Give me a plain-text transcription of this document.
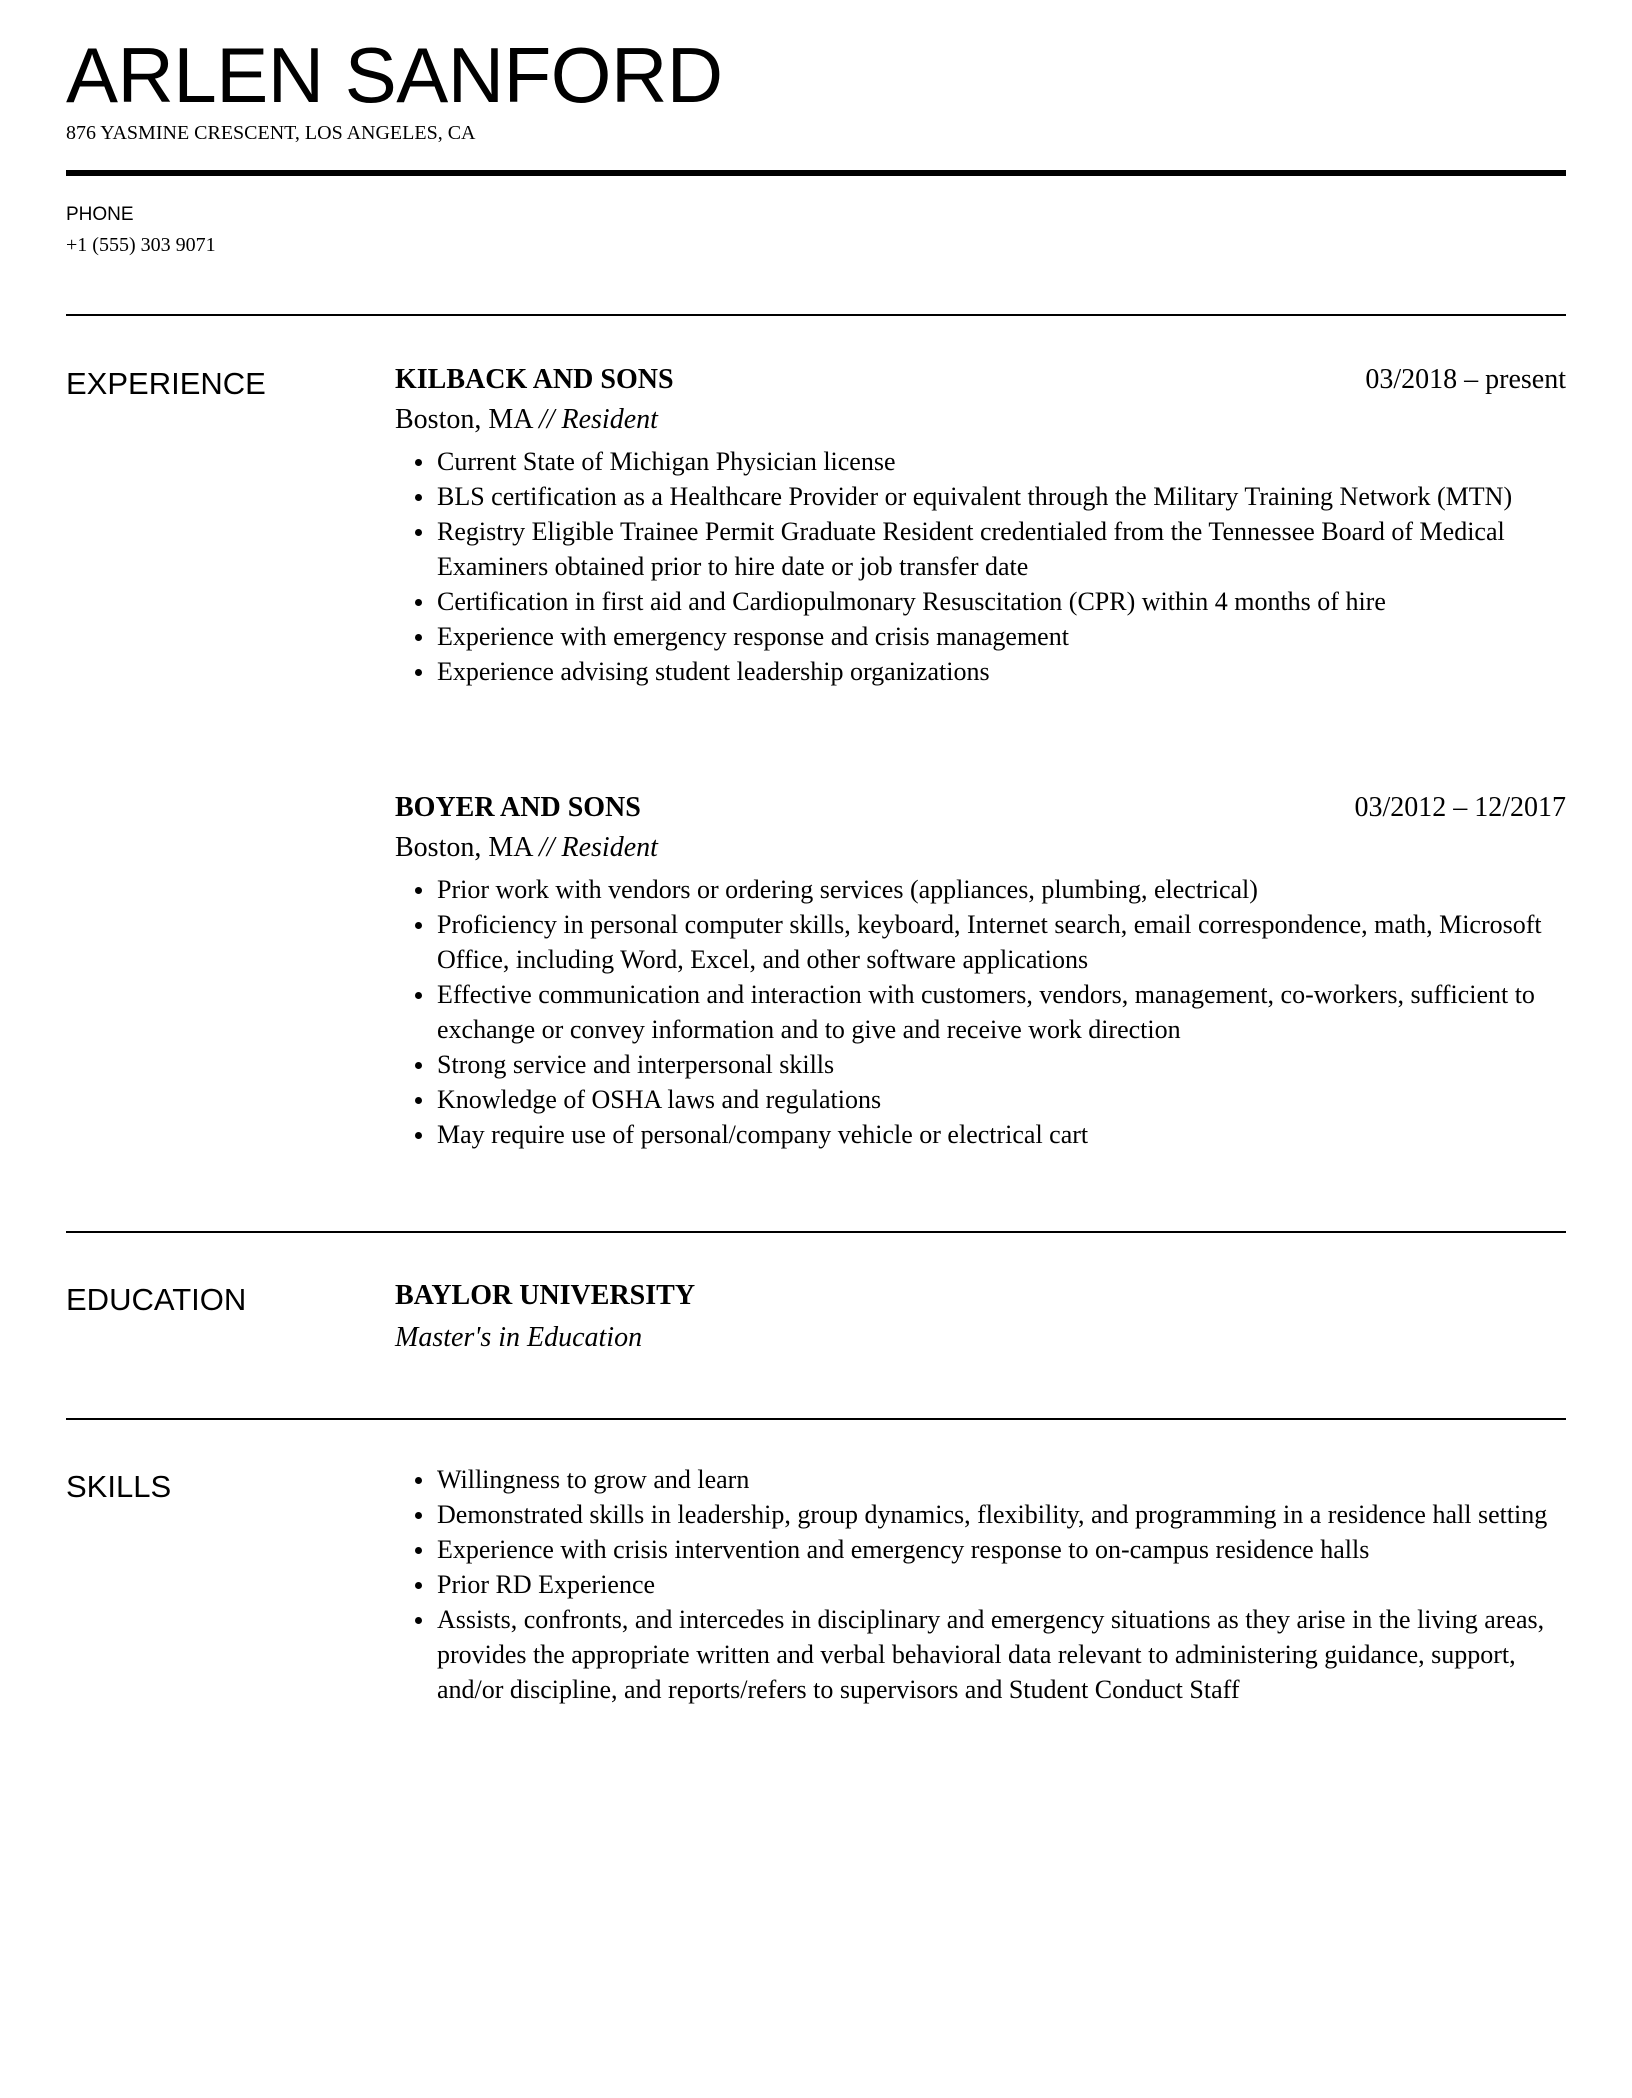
ARLEN SANFORD
876 YASMINE CRESCENT, LOS ANGELES, CA
PHONE
+1 (555) 303 9071
EXPERIENCE	KILBACK AND SONS	03/2018 – present
Boston, MA // Resident
Current State of Michigan Physician license
BLS certification as a Healthcare Provider or equivalent through the Military Training Network (MTN)
Registry Eligible Trainee Permit Graduate Resident credentialed from the Tennessee Board of Medical Examiners obtained prior to hire date or job transfer date
Certification in first aid and Cardiopulmonary Resuscitation (CPR) within 4 months of hire
Experience with emergency response and crisis management
Experience advising student leadership organizations
BOYER AND SONS	03/2012 – 12/2017
Boston, MA // Resident
Prior work with vendors or ordering services (appliances, plumbing, electrical)
Proficiency in personal computer skills, keyboard, Internet search, email correspondence, math, Microsoft Office, including Word, Excel, and other software applications
Effective communication and interaction with customers, vendors, management, co-workers, sufficient to exchange or convey information and to give and receive work direction
Strong service and interpersonal skills
Knowledge of OSHA laws and regulations
May require use of personal/company vehicle or electrical cart
EDUCATION	BAYLOR UNIVERSITY
Master's in Education
SKILLS	Willingness to grow and learn
Demonstrated skills in leadership, group dynamics, flexibility, and programming in a residence hall setting
Experience with crisis intervention and emergency response to on-campus residence halls
Prior RD Experience
Assists, confronts, and intercedes in disciplinary and emergency situations as they arise in the living areas, provides the appropriate written and verbal behavioral data relevant to administering guidance, support, and/or discipline, and reports/refers to supervisors and Student Conduct Staff
